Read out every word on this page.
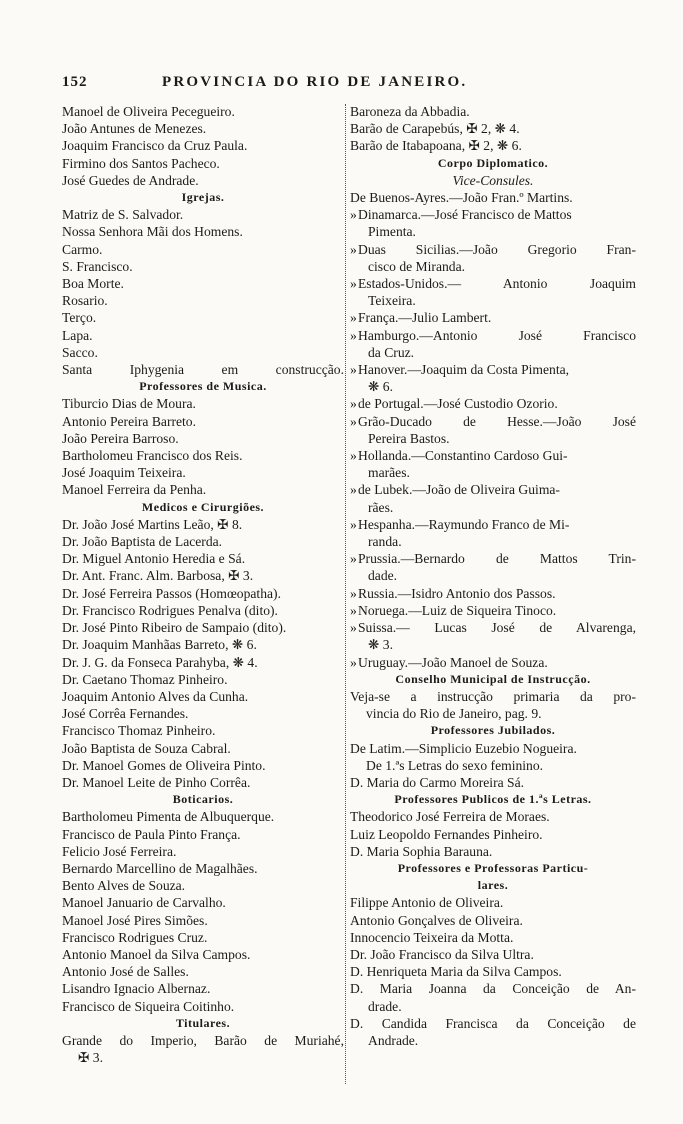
152	PROVINCIA DO RIO DE JANEIRO.
Manoel de Oliveira Pecegueiro.
João Antunes de Menezes.
Joaquim Francisco da Cruz Paula.
Firmino dos Santos Pacheco.
José Guedes de Andrade.
Igrejas.
Matriz de S. Salvador.
Nossa Senhora Mãi dos Homens.
Carmo.
S. Francisco.
Boa Morte.
Rosario.
Terço.
Lapa.
Sacco.
Santa Iphygenia em construcção.
Professores de Musica.
Tiburcio Dias de Moura.
Antonio Pereira Barreto.
João Pereira Barroso.
Bartholomeu Francisco dos Reis.
José Joaquim Teixeira.
Manoel Ferreira da Penha.
Medicos e Cirurgiões.
Dr. João José Martins Leão, ✠ 8.
Dr. João Baptista de Lacerda.
Dr. Miguel Antonio Heredia e Sá.
Dr. Ant. Franc. Alm. Barbosa, ✠ 3.
Dr. José Ferreira Passos (Homœopatha).
Dr. Francisco Rodrigues Penalva (dito).
Dr. José Pinto Ribeiro de Sampaio (dito).
Dr. Joaquim Manhãas Barreto, ❋ 6.
Dr. J. G. da Fonseca Parahyba, ❋ 4.
Dr. Caetano Thomaz Pinheiro.
Joaquim Antonio Alves da Cunha.
José Corrêa Fernandes.
Francisco Thomaz Pinheiro.
João Baptista de Souza Cabral.
Dr. Manoel Gomes de Oliveira Pinto.
Dr. Manoel Leite de Pinho Corrêa.
Boticarios.
Bartholomeu Pimenta de Albuquerque.
Francisco de Paula Pinto França.
Felicio José Ferreira.
Bernardo Marcellino de Magalhães.
Bento Alves de Souza.
Manoel Januario de Carvalho.
Manoel José Pires Simões.
Francisco Rodrigues Cruz.
Antonio Manoel da Silva Campos.
Antonio José de Salles.
Lisandro Ignacio Albernaz.
Francisco de Siqueira Coitinho.
Titulares.
Grande do Imperio, Barão de Muriahé,
✠ 3.
Baroneza da Abbadia.
Barão de Carapebús, ✠ 2, ❋ 4.
Barão de Itabapoana, ✠ 2, ❋ 6.
Corpo Diplomatico.
Vice-Consules.
De Buenos-Ayres.—João Fran.º Martins.
» Dinamarca.—José Francisco de Mattos
Pimenta.
» Duas Sicilias.—João Gregorio Fran-
cisco de Miranda.
» Estados-Unidos.— Antonio Joaquim
Teixeira.
» França.—Julio Lambert.
» Hamburgo.—Antonio José Francisco
da Cruz.
» Hanover.—Joaquim da Costa Pimenta,
❋ 6.
» de Portugal.—José Custodio Ozorio.
» Grão-Ducado de Hesse.—João José
Pereira Bastos.
» Hollanda.—Constantino Cardoso Gui-
marães.
» de Lubek.—João de Oliveira Guima-
rães.
» Hespanha.—Raymundo Franco de Mi-
randa.
» Prussia.—Bernardo de Mattos Trin-
dade.
» Russia.—Isidro Antonio dos Passos.
» Noruega.—Luiz de Siqueira Tinoco.
» Suissa.— Lucas José de Alvarenga,
❋ 3.
» Uruguay.—João Manoel de Souza.
Conselho Municipal de Instrucção.
Veja-se a instrucção primaria da pro-
vincia do Rio de Janeiro, pag. 9.
Professores Jubilados.
De Latim.—Simplicio Euzebio Nogueira.
De 1.ªs Letras do sexo feminino.
D. Maria do Carmo Moreira Sá.
Professores Publicos de 1.ªs Letras.
Theodorico José Ferreira de Moraes.
Luiz Leopoldo Fernandes Pinheiro.
D. Maria Sophia Barauna.
Professores e Professoras Particu-
lares.
Filippe Antonio de Oliveira.
Antonio Gonçalves de Oliveira.
Innocencio Teixeira da Motta.
Dr. João Francisco da Silva Ultra.
D. Henriqueta Maria da Silva Campos.
D. Maria Joanna da Conceição de An-
drade.
D. Candida Francisca da Conceição de
Andrade.
